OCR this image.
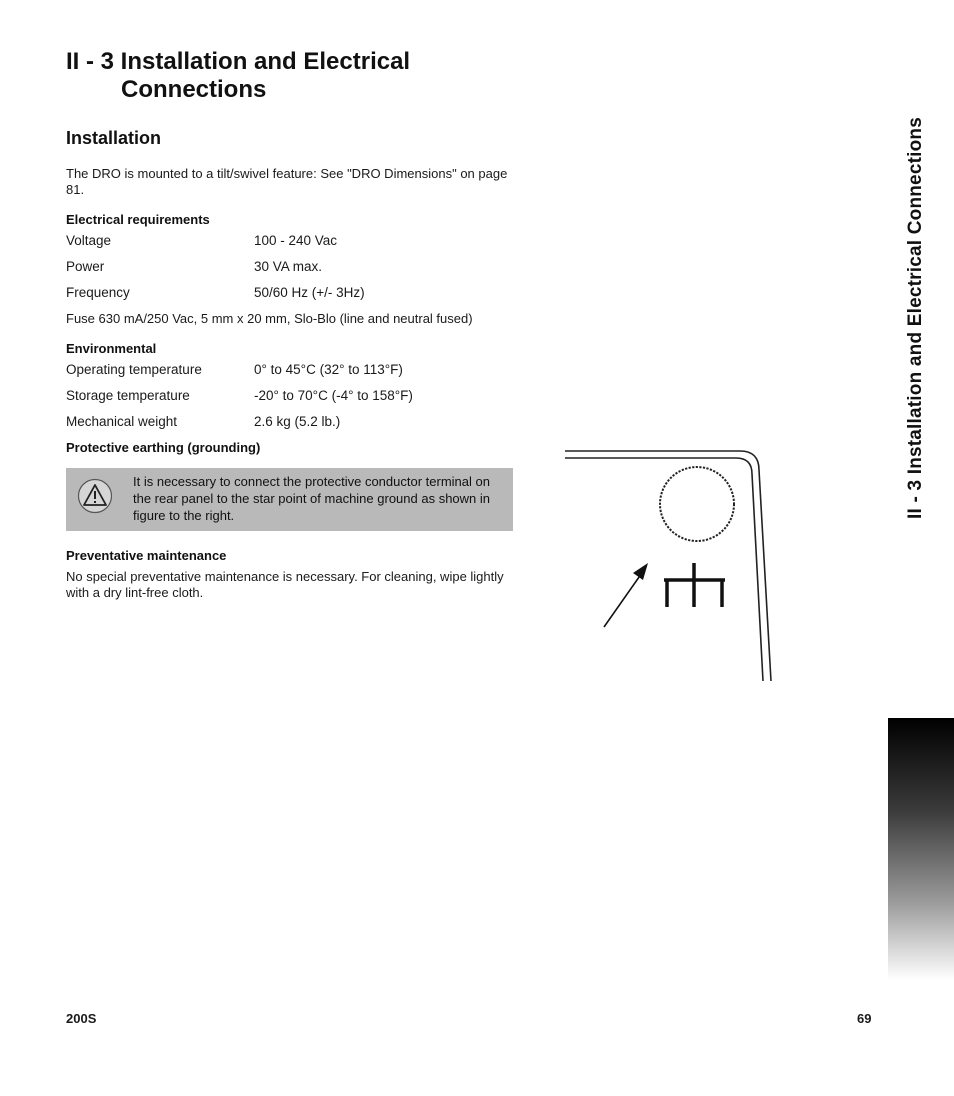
II - 3 Installation and Electrical
Connections
Installation

The DRO is mounted to a tilt/swivel feature: See "DRO Dimensions" on page 81.

Electrical requirements
Voltage	100 - 240 Vac
Power	30 VA max.
Frequency	50/60 Hz (+/- 3Hz)
Fuse 630 mA/250 Vac, 5 mm x 20 mm, Slo-Blo (line and neutral fused)
Environmental
Operating temperature	0° to 45°C (32° to 113°F)
Storage temperature	-20° to 70°C (-4° to 158°F)
Mechanical weight	2.6 kg (5.2 lb.)
Protective earthing (grounding)

It is necessary to connect the protective conductor terminal on the rear panel to the star point of machine ground as shown in figure to the right.

Preventative maintenance

No special preventative maintenance is necessary. For cleaning, wipe lightly with a dry lint-free cloth.

II - 3 Installation and Electrical Connections
200S	69
